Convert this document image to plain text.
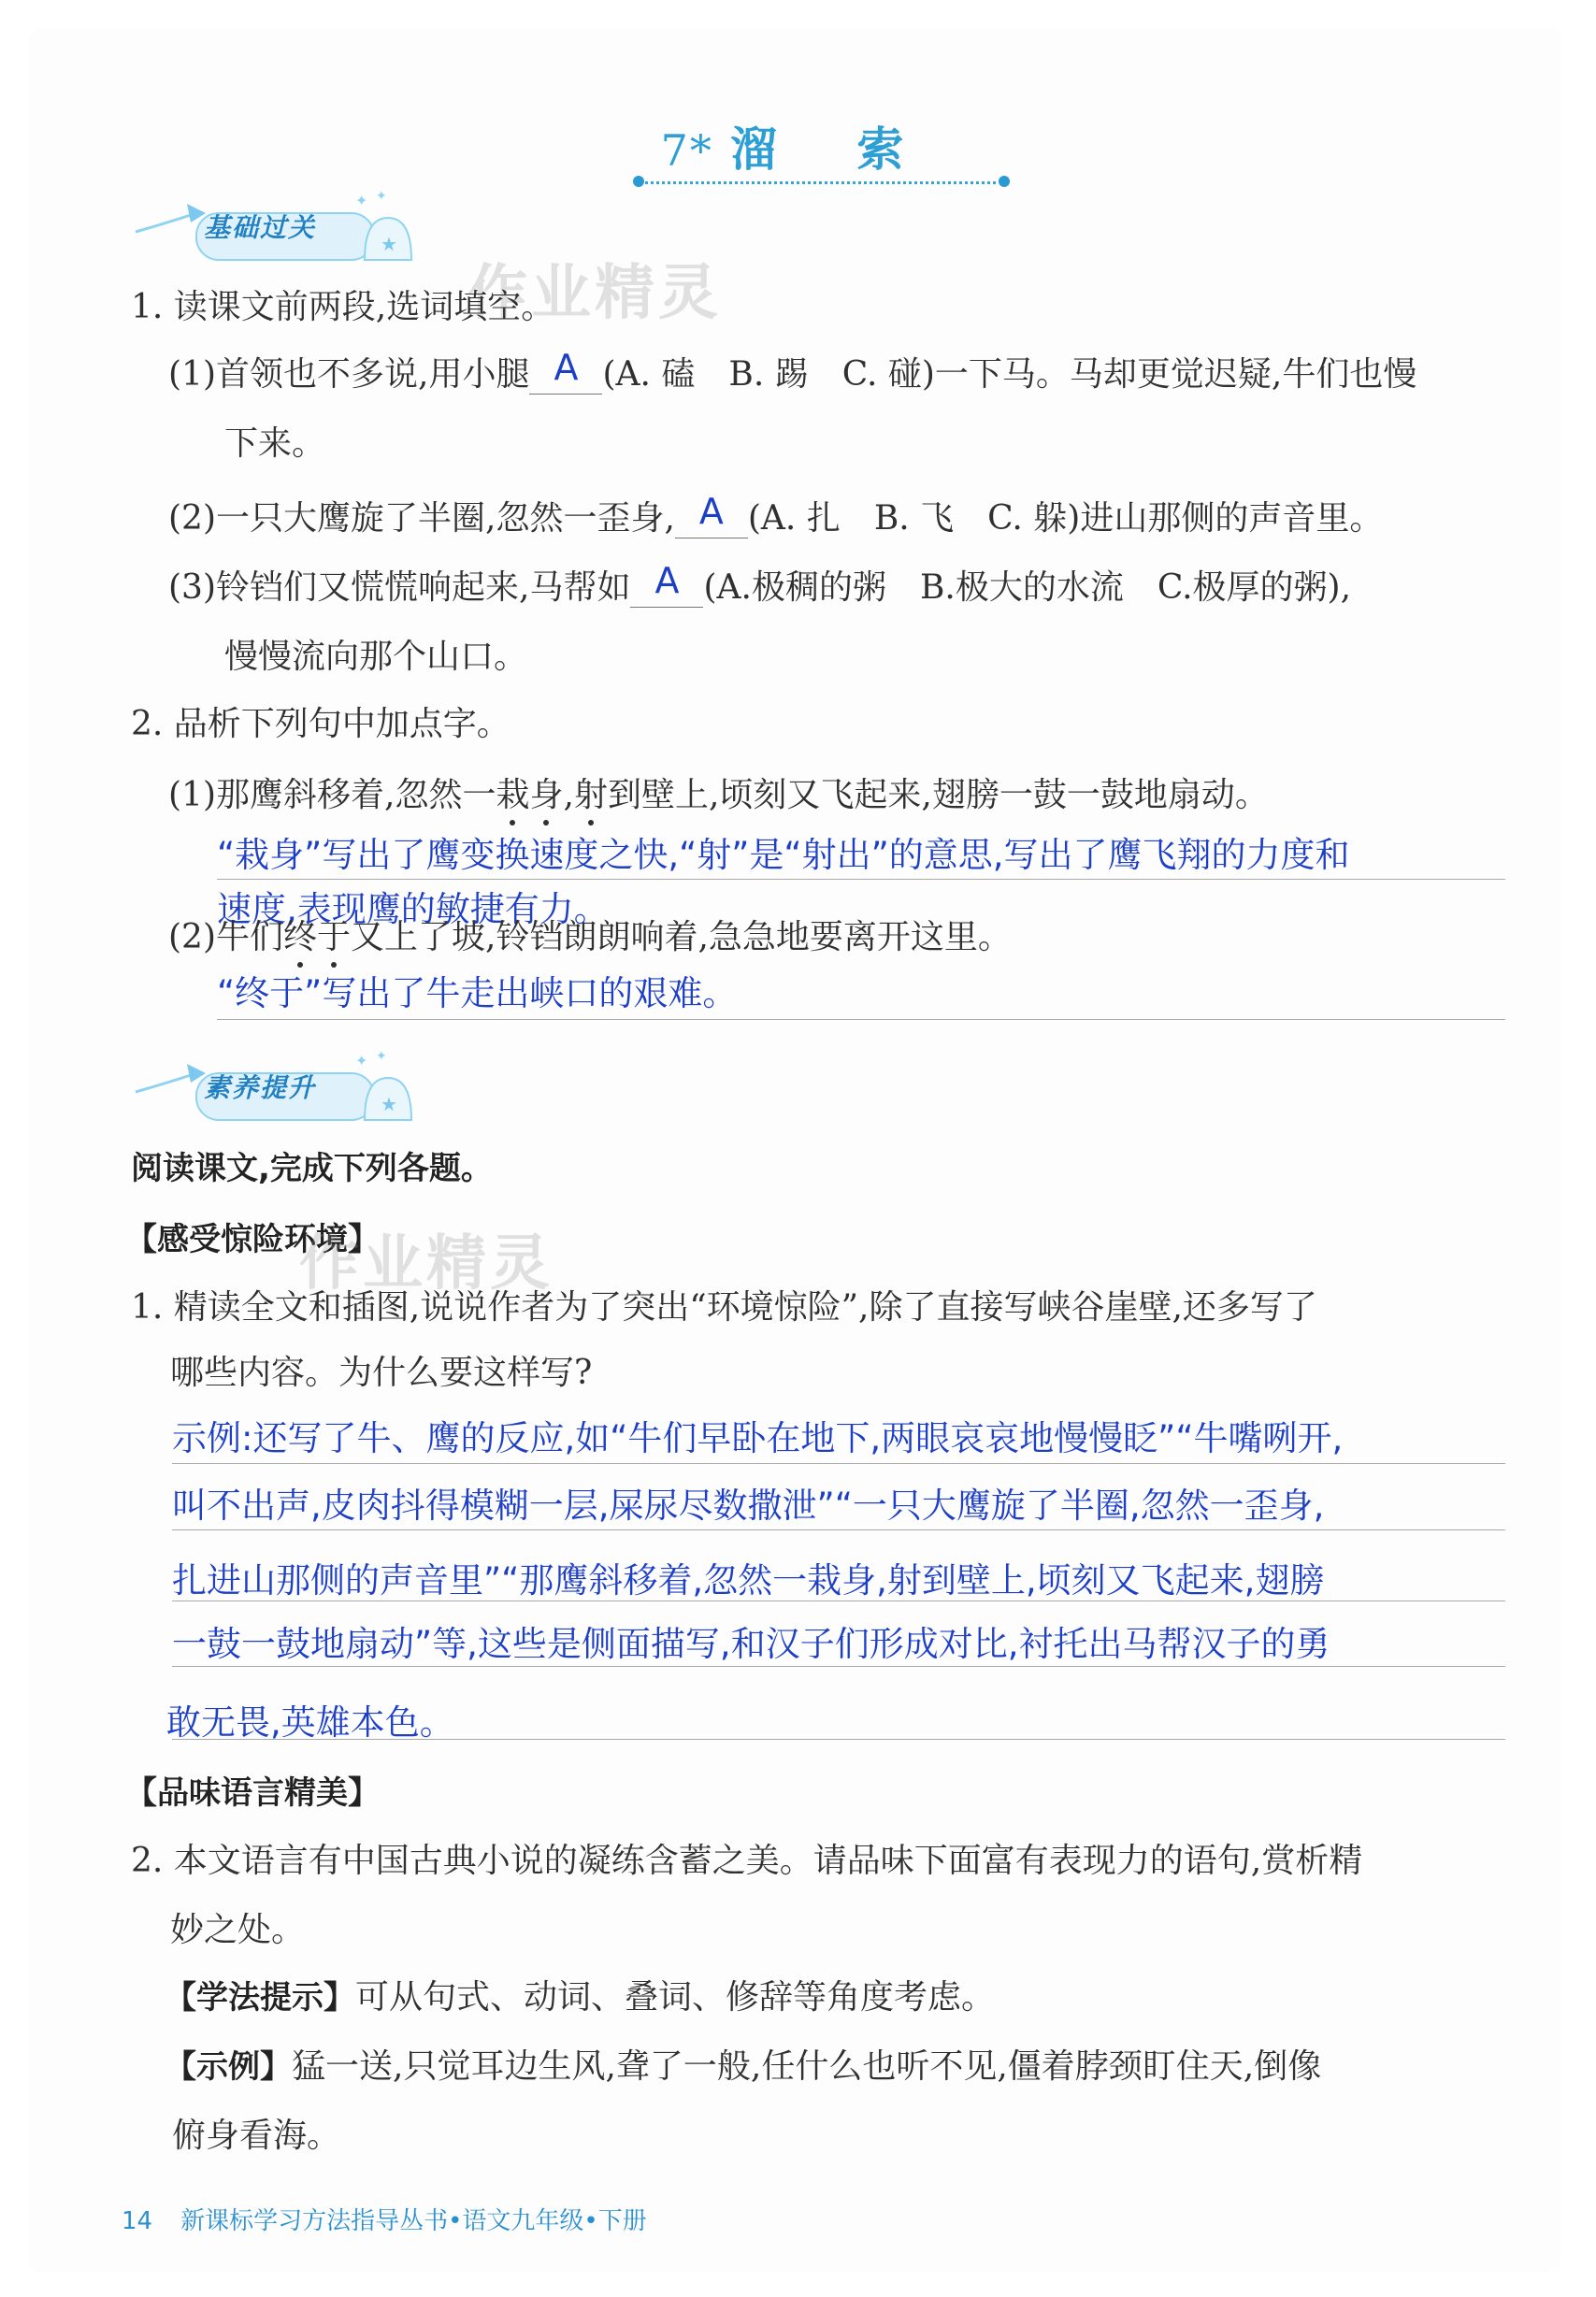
7* 溜 索
★
✦ ✦
基础过关
作业精灵
1. 读课文前两段,选词填空。
(1)首领也不多说,用小腿 A (A. 磕　B. 踢　C. 碰)一下马。马却更觉迟疑,牛们也慢
下来。
(2)一只大鹰旋了半圈,忽然一歪身, A (A. 扎　B. 飞　C. 躲)进山那侧的声音里。
(3)铃铛们又慌慌响起来,马帮如 A (A.极稠的粥　B.极大的水流　C.极厚的粥),
慢慢流向那个山口。
2. 品析下列句中加点字。
(1)那鹰斜移着,忽然一栽身,射到壁上,顷刻又飞起来,翅膀一鼓一鼓地扇动。
“栽身”写出了鹰变换速度之快,“射”是“射出”的意思,写出了鹰飞翔的力度和
速度,表现鹰的敏捷有力。
(2)牛们终于又上了坡,铃铛朗朗响着,急急地要离开这里。
“终于”写出了牛走出峡口的艰难。
★
✦ ✦
素养提升
阅读课文,完成下列各题。
【感受惊险环境】
作业精灵
1. 精读全文和插图,说说作者为了突出“环境惊险”,除了直接写峡谷崖壁,还多写了
哪些内容。为什么要这样写?
示例:还写了牛、鹰的反应,如“牛们早卧在地下,两眼哀哀地慢慢眨”“牛嘴咧开,
叫不出声,皮肉抖得模糊一层,屎尿尽数撒泄”“一只大鹰旋了半圈,忽然一歪身,
扎进山那侧的声音里”“那鹰斜移着,忽然一栽身,射到壁上,顷刻又飞起来,翅膀
一鼓一鼓地扇动”等,这些是侧面描写,和汉子们形成对比,衬托出马帮汉子的勇
敢无畏,英雄本色。
【品味语言精美】
2. 本文语言有中国古典小说的凝练含蓄之美。请品味下面富有表现力的语句,赏析精
妙之处。
【学法提示】可从句式、动词、叠词、修辞等角度考虑。
【示例】猛一送,只觉耳边生风,聋了一般,任什么也听不见,僵着脖颈盯住天,倒像
俯身看海。
14 新课标学习方法指导丛书•语文九年级•下册
